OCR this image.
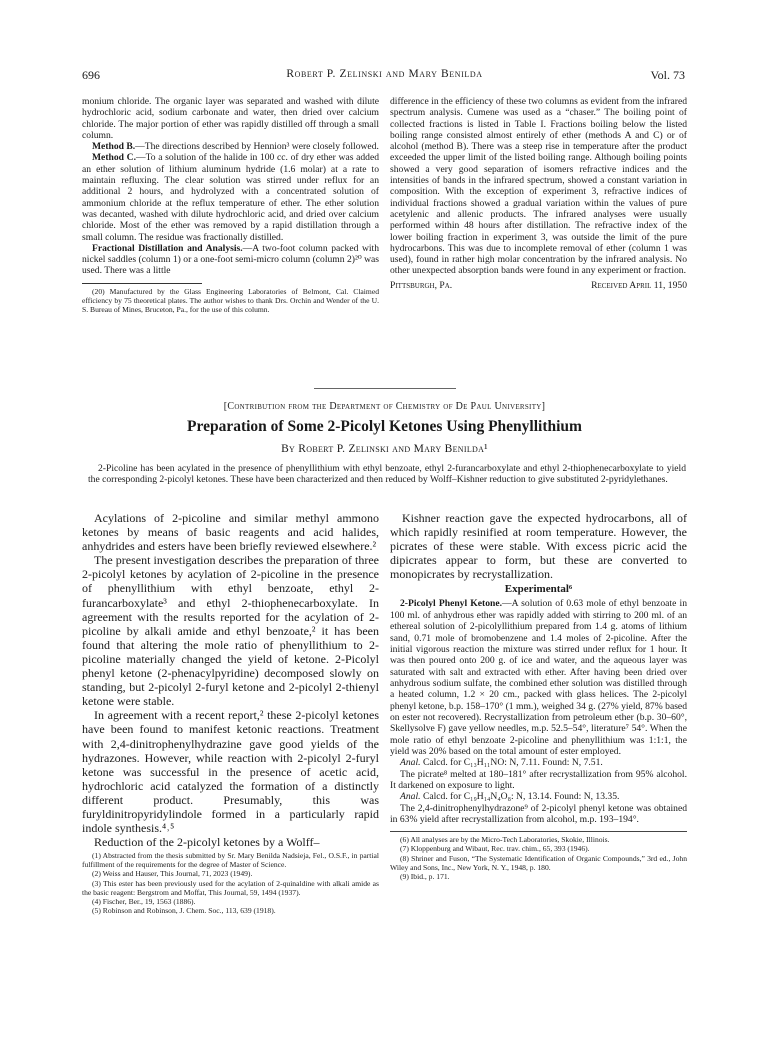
696	Robert P. Zelinski and Mary Benilda	Vol. 73

monium chloride. The organic layer was separated and washed with dilute hydrochloric acid, sodium carbonate and water, then dried over calcium chloride. The major portion of ether was rapidly distilled off through a small column.

Method B.—The directions described by Hennion³ were closely followed.

Method C.—To a solution of the halide in 100 cc. of dry ether was added an ether solution of lithium aluminum hydride (1.6 molar) at a rate to maintain refluxing. The clear solution was stirred under reflux for an additional 2 hours, and hydrolyzed with a concentrated solution of ammonium chloride at the reflux temperature of ether. The ether solution was decanted, washed with dilute hydrochloric acid, and dried over calcium chloride. Most of the ether was removed by a rapid distillation through a small column. The residue was fractionally distilled.

Fractional Distillation and Analysis.—A two-foot column packed with nickel saddles (column 1) or a one-foot semi-micro column (column 2)²⁰ was used. There was a little

(20) Manufactured by the Glass Engineering Laboratories of Belmont, Cal. Claimed efficiency by 75 theoretical plates. The author wishes to thank Drs. Orchin and Wender of the U. S. Bureau of Mines, Bruceton, Pa., for the use of this column.

difference in the efficiency of these two columns as evident from the infrared spectrum analysis. Cumene was used as a “chaser.” The boiling point of collected fractions is listed in Table I. Fractions boiling below the listed boiling range consisted almost entirely of ether (methods A and C) or of alcohol (method B). There was a steep rise in temperature after the product exceeded the upper limit of the listed boiling range. Although boiling points showed a very good separation of isomers refractive indices and the intensities of bands in the infrared spectrum, showed a constant variation in composition. With the exception of experiment 3, refractive indices of individual fractions showed a gradual variation within the values of pure acetylenic and allenic products. The infrared analyses were usually performed within 48 hours after distillation. The refractive index of the lower boiling fraction in experiment 3, was outside the limit of the pure hydrocarbons. This was due to incomplete removal of ether (column 1 was used), found in rather high molar concentration by the infrared analysis. No other unexpected absorption bands were found in any experiment or fraction.

Pittsburgh, Pa.	Received April 11, 1950
[Contribution from the Department of Chemistry of De Paul University]
Preparation of Some 2-Picolyl Ketones Using Phenyllithium
By Robert P. Zelinski and Mary Benilda¹
2-Picoline has been acylated in the presence of phenyllithium with ethyl benzoate, ethyl 2-furancarboxylate and ethyl 2-thiophenecarboxylate to yield the corresponding 2-picolyl ketones. These have been characterized and then reduced by Wolff–Kishner reduction to give substituted 2-pyridylethanes.

Acylations of 2-picoline and similar methyl ammono ketones by means of basic reagents and acid halides, anhydrides and esters have been briefly reviewed elsewhere.²

The present investigation describes the preparation of three 2-picolyl ketones by acylation of 2-picoline in the presence of phenyllithium with ethyl benzoate, ethyl 2-furancarboxylate³ and ethyl 2-thiophenecarboxylate. In agreement with the results reported for the acylation of 2-picoline by alkali amide and ethyl benzoate,² it has been found that altering the mole ratio of phenyllithium to 2-picoline materially changed the yield of ketone. 2-Picolyl phenyl ketone (2-phenacylpyridine) decomposed slowly on standing, but 2-picolyl 2-furyl ketone and 2-picolyl 2-thienyl ketone were stable.

In agreement with a recent report,² these 2-picolyl ketones have been found to manifest ketonic reactions. Treatment with 2,4-dinitrophenylhydrazine gave good yields of the hydrazones. However, while reaction with 2-picolyl 2-furyl ketone was successful in the presence of acetic acid, hydrochloric acid catalyzed the formation of a distinctly different product. Presumably, this was furyldinitropyridylindole formed in a particularly rapid indole synthesis.⁴˒⁵

Reduction of the 2-picolyl ketones by a Wolff–

(1) Abstracted from the thesis submitted by Sr. Mary Benilda Nadsieja, Fel., O.S.F., in partial fulfillment of the requirements for the degree of Master of Science.

(2) Weiss and Hauser, This Journal, 71, 2023 (1949).

(3) This ester has been previously used for the acylation of 2-quinaldine with alkali amide as the basic reagent: Bergstrom and Moffat, This Journal, 59, 1494 (1937).

(4) Fischer, Ber., 19, 1563 (1886).

(5) Robinson and Robinson, J. Chem. Soc., 113, 639 (1918).

Kishner reaction gave the expected hydrocarbons, all of which rapidly resinified at room temperature. However, the picrates of these were stable. With excess picric acid the dipicrates appear to form, but these are converted to monopicrates by recrystallization.

Experimental⁶

2-Picolyl Phenyl Ketone.—A solution of 0.63 mole of ethyl benzoate in 100 ml. of anhydrous ether was rapidly added with stirring to 200 ml. of an ethereal solution of 2-picolyllithium prepared from 1.4 g. atoms of lithium sand, 0.71 mole of bromobenzene and 1.4 moles of 2-picoline. After the initial vigorous reaction the mixture was stirred under reflux for 1 hour. It was then poured onto 200 g. of ice and water, and the aqueous layer was saturated with salt and extracted with ether. After having been dried over anhydrous sodium sulfate, the combined ether solution was distilled through a heated column, 1.2 × 20 cm., packed with glass helices. The 2-picolyl phenyl ketone, b.p. 158–170° (1 mm.), weighed 34 g. (27% yield, 87% based on ester not recovered). Recrystallization from petroleum ether (b.p. 30–60°, Skellysolve F) gave yellow needles, m.p. 52.5–54°, literature⁷ 54°. When the mole ratio of ethyl benzoate 2-picoline and phenyllithium was 1:1:1, the yield was 20% based on the total amount of ester employed.

Anal. Calcd. for C₁₃H₁₁NO: N, 7.11. Found: N, 7.51.

The picrate⁸ melted at 180–181° after recrystallization from 95% alcohol. It darkened on exposure to light.

Anal. Calcd. for C₁₉H₁₄N₄O₈: N, 13.14. Found: N, 13.35.

The 2,4-dinitrophenylhydrazone⁹ of 2-picolyl phenyl ketone was obtained in 63% yield after recrystallization from alcohol, m.p. 193–194°.

(6) All analyses are by the Micro-Tech Laboratories, Skokie, Illinois.

(7) Kloppenburg and Wibaut, Rec. trav. chim., 65, 393 (1946).

(8) Shriner and Fuson, “The Systematic Identification of Organic Compounds,” 3rd ed., John Wiley and Sons, Inc., New York, N. Y., 1948, p. 180.

(9) Ibid., p. 171.
